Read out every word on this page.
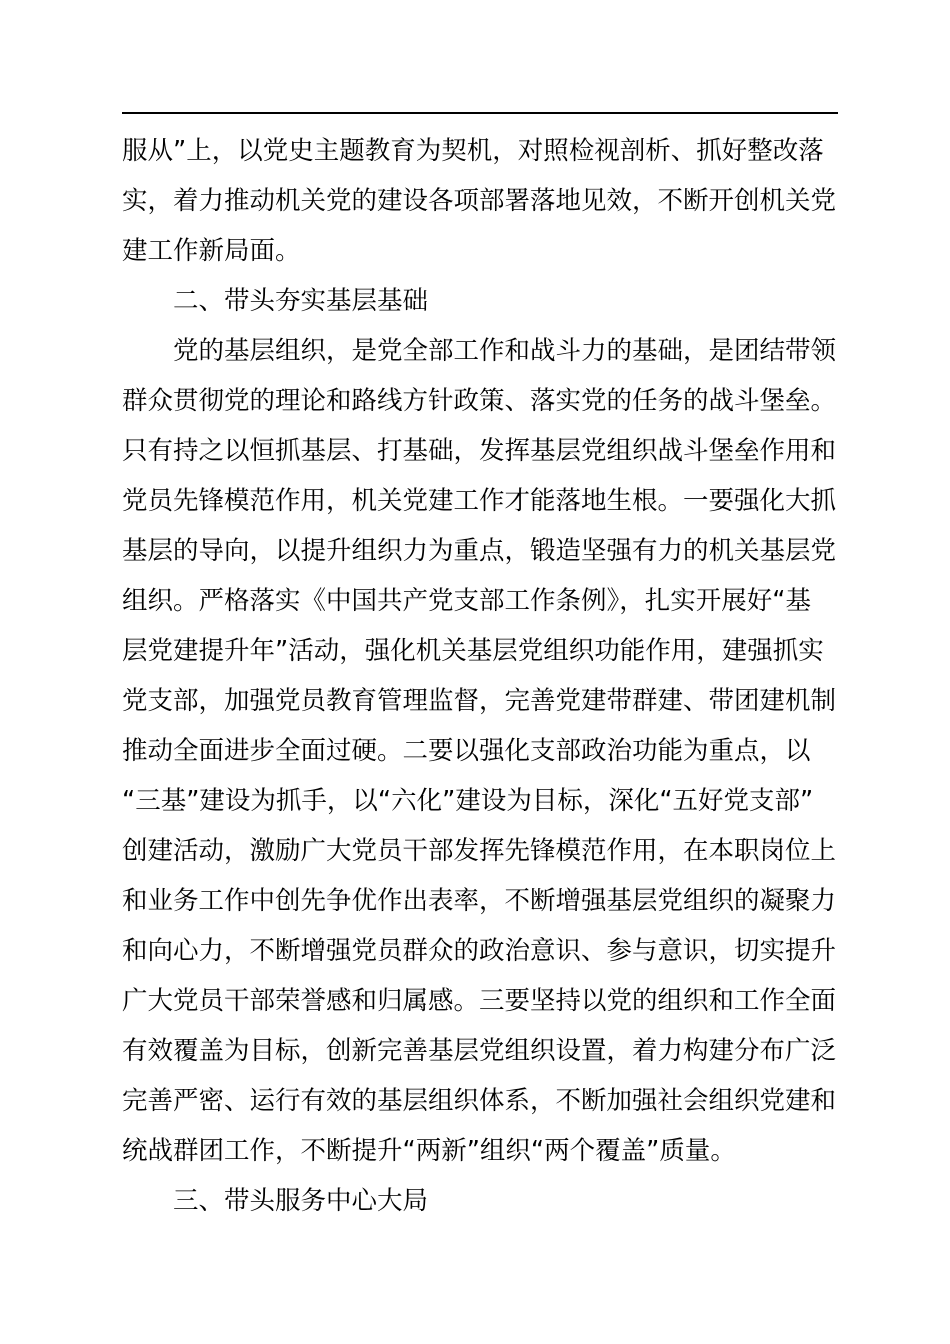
服从”上，以党史主题教育为契机，对照检视剖析、抓好整改落
实，着力推动机关党的建设各项部署落地见效，不断开创机关党
建工作新局面。
二、带头夯实基层基础
党的基层组织，是党全部工作和战斗力的基础，是团结带领
群众贯彻党的理论和路线方针政策、落实党的任务的战斗堡垒。
只有持之以恒抓基层、打基础，发挥基层党组织战斗堡垒作用和
党员先锋模范作用，机关党建工作才能落地生根。一要强化大抓
基层的导向，以提升组织力为重点，锻造坚强有力的机关基层党
组织。严格落实《中国共产党支部工作条例》，扎实开展好“基
层党建提升年”活动，强化机关基层党组织功能作用，建强抓实
党支部，加强党员教育管理监督，完善党建带群建、带团建机制
推动全面进步全面过硬。二要以强化支部政治功能为重点，以
“三基”建设为抓手，以“六化”建设为目标，深化“五好党支部”
创建活动，激励广大党员干部发挥先锋模范作用，在本职岗位上
和业务工作中创先争优作出表率，不断增强基层党组织的凝聚力
和向心力，不断增强党员群众的政治意识、参与意识，切实提升
广大党员干部荣誉感和归属感。三要坚持以党的组织和工作全面
有效覆盖为目标，创新完善基层党组织设置，着力构建分布广泛
完善严密、运行有效的基层组织体系，不断加强社会组织党建和
统战群团工作，不断提升“两新”组织“两个覆盖”质量。
三、带头服务中心大局
